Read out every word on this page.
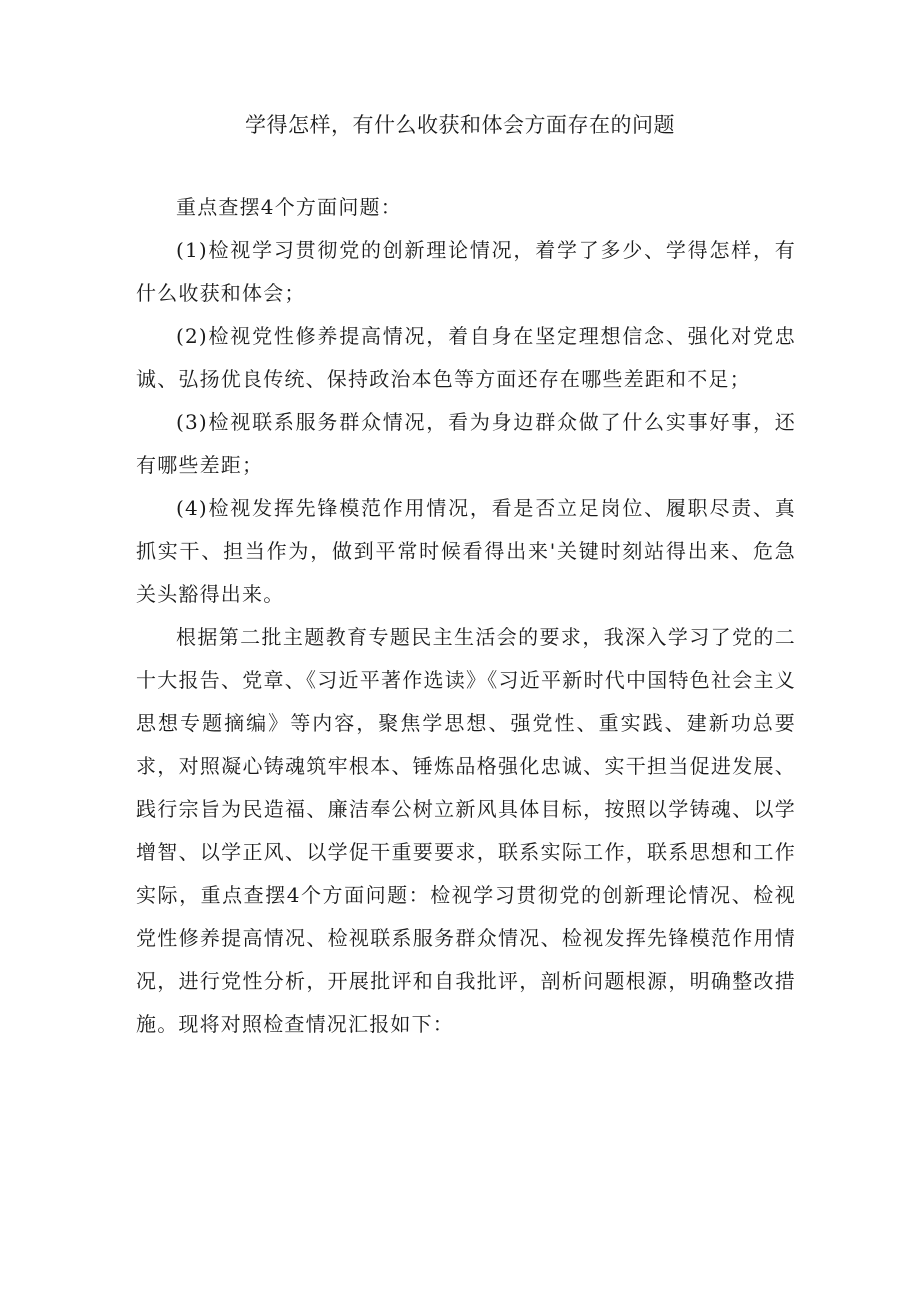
学得怎样，有什么收获和体会方面存在的问题

重点查摆4个方面问题：

(1)检视学习贯彻党的创新理论情况，着学了多少、学得怎样，有什么收获和体会；

(2)检视党性修养提高情况，着自身在坚定理想信念、强化对党忠诚、弘扬优良传统、保持政治本色等方面还存在哪些差距和不足；

(3)检视联系服务群众情况，看为身边群众做了什么实事好事，还有哪些差距；

(4)检视发挥先锋模范作用情况，看是否立足岗位、履职尽责、真抓实干、担当作为，做到平常时候看得出来'关键时刻站得出来、危急关头豁得出来。

根据第二批主题教育专题民主生活会的要求，我深入学习了党的二十大报告、党章、《习近平著作选读》《习近平新时代中国特色社会主义思想专题摘编》等内容，聚焦学思想、强党性、重实践、建新功总要求，对照凝心铸魂筑牢根本、锤炼品格强化忠诚、实干担当促进发展、践行宗旨为民造福、廉洁奉公树立新风具体目标，按照以学铸魂、以学增智、以学正风、以学促干重要要求，联系实际工作，联系思想和工作实际，重点查摆4个方面问题：检视学习贯彻党的创新理论情况、检视党性修养提高情况、检视联系服务群众情况、检视发挥先锋模范作用情况，进行党性分析，开展批评和自我批评，剖析问题根源，明确整改措施。现将对照检查情况汇报如下：
